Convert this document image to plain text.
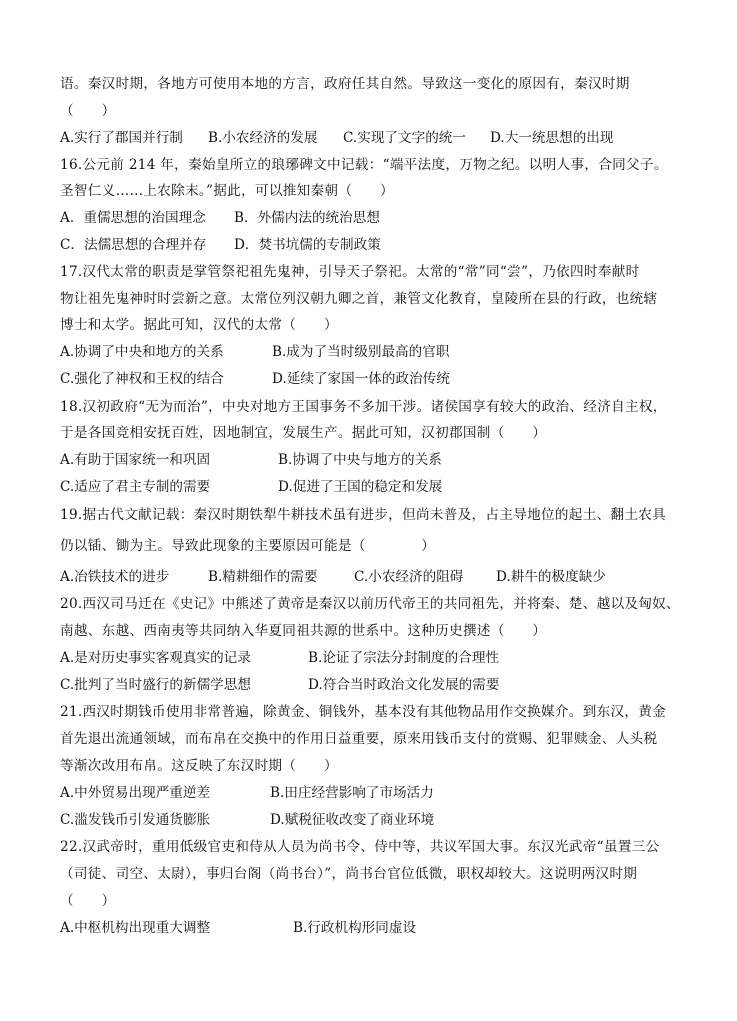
语。秦汉时期，各地方可使用本地的方言，政府任其自然。导致这一变化的原因有，秦汉时期
（　　）
A.实行了郡国并行制 B.小农经济的发展 C.实现了文字的统一 D.大一统思想的出现
16.公元前 214 年，秦始皇所立的琅琊碑文中记载：“端平法度，万物之纪。以明人事，合同父子。
圣智仁义……上农除末。”据此，可以推知秦朝（　　）
A．重儒思想的治国理念 B．外儒内法的统治思想
C．法儒思想的合理并存 D．焚书坑儒的专制政策
17.汉代太常的职责是掌管祭祀祖先鬼神，引导天子祭祀。太常的“常”同“尝”，乃依四时奉献时
物让祖先鬼神时时尝新之意。太常位列汉朝九卿之首，兼管文化教育，皇陵所在县的行政，也统辖
博士和太学。据此可知，汉代的太常（　　）
A.协调了中央和地方的关系	B.成为了当时级别最高的官职
C.强化了神权和王权的结合	D.延续了家国一体的政治传统
18.汉初政府“无为而治”，中央对地方王国事务不多加干涉。诸侯国享有较大的政治、经济自主权，
于是各国竞相安抚百姓，因地制宜，发展生产。据此可知，汉初郡国制（　　）
A.有助于国家统一和巩固	B.协调了中央与地方的关系
C.适应了君主专制的需要	D.促进了王国的稳定和发展
19.据古代文献记载：秦汉时期铁犁牛耕技术虽有进步，但尚未普及，占主导地位的起土、翻土农具
仍以锸、锄为主。导致此现象的主要原因可能是（　　　　）
A.冶铁技术的进步	B.精耕细作的需要	C.小农经济的阻碍 D.耕牛的极度缺少
20.西汉司马迁在《史记》中熊述了黄帝是秦汉以前历代帝王的共同祖先，并将秦、楚、越以及匈奴、
南越、东越、西南夷等共同纳入华夏同祖共源的世系中。这种历史撰述（　　）
A.是对历史事实客观真实的记录	B.论证了宗法分封制度的合理性
C.批判了当时盛行的新儒学思想	D.符合当时政治文化发展的需要
21.西汉时期钱币使用非常普遍，除黄金、铜钱外，基本没有其他物品用作交换媒介。到东汉，黄金
首先退出流通领域，而布帛在交换中的作用日益重要，原来用钱币支付的赏赐、犯罪赎金、人头税
等渐次改用布帛。这反映了东汉时期（　　）
A.中外贸易出现严重逆差	B.田庄经营影响了市场活力
C.滥发钱币引发通货膨胀	D.赋税征收改变了商业环境
22.汉武帝时，重用低级官吏和侍从人员为尚书令、侍中等，共议军国大事。东汉光武帝“虽置三公
（司徒、司空、太尉），事归台阁（尚书台）”，尚书台官位低微，职权却较大。这说明两汉时期
（　　）
A.中枢机构出现重大调整	B.行政机构形同虚设
